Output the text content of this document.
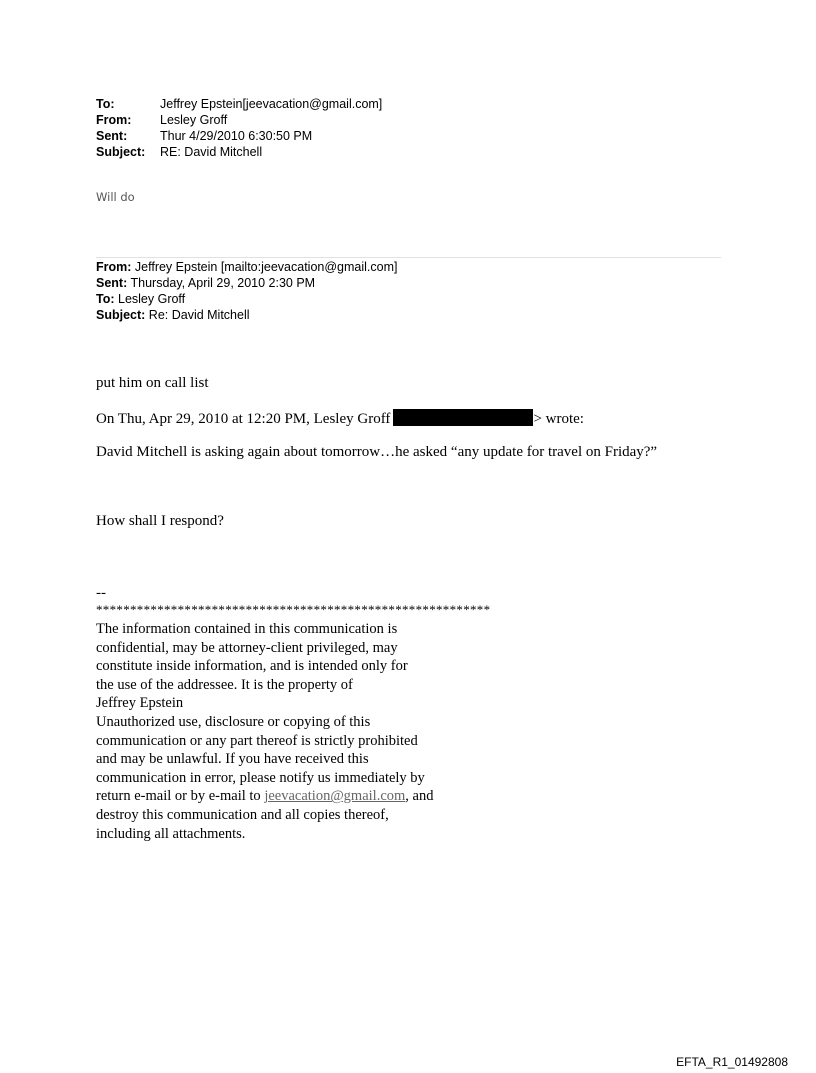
To:	Jeffrey Epstein[jeevacation@gmail.com]
From:	Lesley Groff
Sent:	Thur 4/29/2010 6:30:50 PM
Subject:	RE: David Mitchell
Will do
From: Jeffrey Epstein [mailto:jeevacation@gmail.com]
Sent: Thursday, April 29, 2010 2:30 PM
To: Lesley Groff
Subject: Re: David Mitchell
put him on call list
On Thu, Apr 29, 2010 at 12:20 PM, Lesley Groff	> wrote:
David Mitchell is asking again about tomorrow…he asked “any update for travel on Friday?”
How shall I respond?
--
**********************************************************
The information contained in this communication is
confidential, may be attorney-client privileged, may
constitute inside information, and is intended only for
the use of the addressee. It is the property of
Jeffrey Epstein
Unauthorized use, disclosure or copying of this
communication or any part thereof is strictly prohibited
and may be unlawful. If you have received this
communication in error, please notify us immediately by
return e-mail or by e-mail to jeevacation@gmail.com, and
destroy this communication and all copies thereof,
including all attachments.
EFTA_R1_01492808
